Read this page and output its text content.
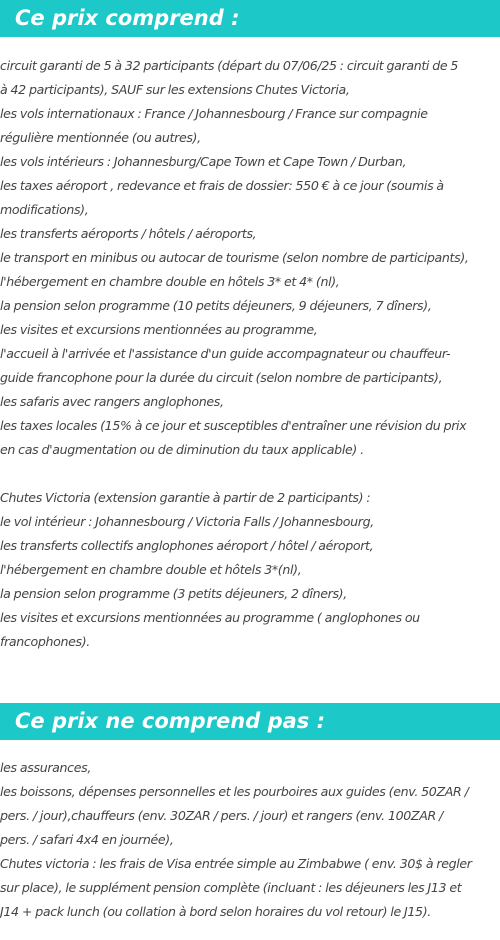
Ce prix comprend :
circuit garanti de 5 à 32 participants (départ du 07/06/25 : circuit garanti de 5
à 42 participants), SAUF sur les extensions Chutes Victoria,
les vols internationaux : France / Johannesbourg / France sur compagnie
régulière mentionnée (ou autres),
les vols intérieurs : Johannesburg/Cape Town et Cape Town / Durban,
les taxes aéroport , redevance et frais de dossier: 550 € à ce jour (soumis à
modifications),
les transferts aéroports / hôtels / aéroports,
le transport en minibus ou autocar de tourisme (selon nombre de participants),
l'hébergement en chambre double en hôtels 3* et 4* (nl),
la pension selon programme (10 petits déjeuners, 9 déjeuners, 7 dîners),
les visites et excursions mentionnées au programme,
l'accueil à l'arrivée et l'assistance d'un guide accompagnateur ou chauffeur-
guide francophone pour la durée du circuit (selon nombre de participants),
les safaris avec rangers anglophones,
les taxes locales (15% à ce jour et susceptibles d'entraîner une révision du prix
en cas d'augmentation ou de diminution du taux applicable) .
Chutes Victoria (extension garantie à partir de 2 participants) :
le vol intérieur : Johannesbourg / Victoria Falls / Johannesbourg,
les transferts collectifs anglophones aéroport / hôtel / aéroport,
l'hébergement en chambre double et hôtels 3*(nl),
la pension selon programme (3 petits déjeuners, 2 dîners),
les visites et excursions mentionnées au programme ( anglophones ou
francophones).
Ce prix ne comprend pas :
les assurances,
les boissons, dépenses personnelles et les pourboires aux guides (env. 50ZAR /
pers. / jour),chauffeurs (env. 30ZAR / pers. / jour) et rangers (env. 100ZAR /
pers. / safari 4x4 en journée),
Chutes victoria : les frais de Visa entrée simple au Zimbabwe ( env. 30$ à regler
sur place), le supplément pension complète (incluant : les déjeuners les J13 et
J14 + pack lunch (ou collation à bord selon horaires du vol retour) le J15).
